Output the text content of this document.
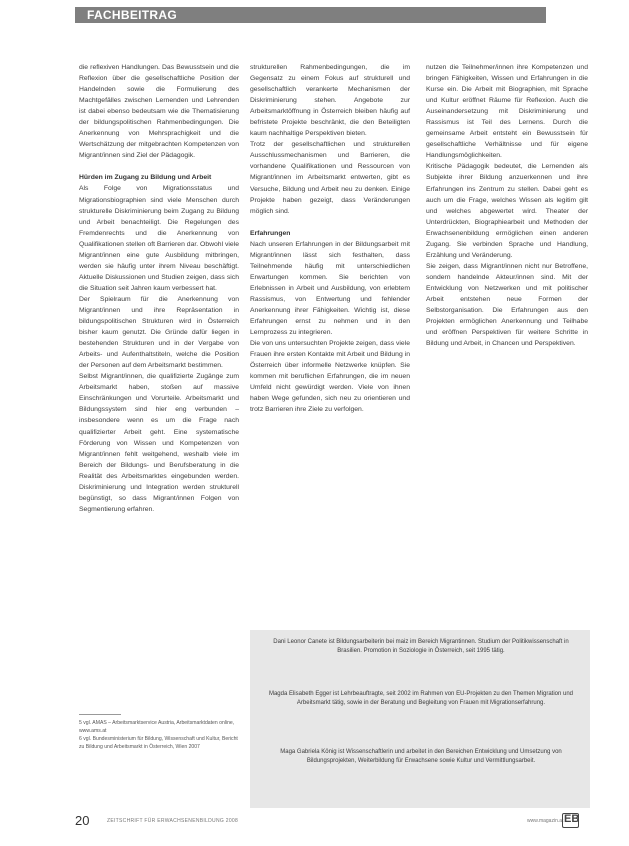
FACHBEITRAG

die reflexiven Handlungen. Das Bewusstsein und die Reflexion über die gesellschaftliche Position der Handelnden sowie die Formulierung des Machtgefälles zwischen Lernenden und Lehrenden ist dabei ebenso bedeutsam wie die Thematisierung der bildungspolitischen Rahmenbedingungen. Die Anerkennung von Mehrsprachigkeit und die Wertschätzung der mitgebrachten Kompetenzen von Migrant/innen sind Ziel der Pädagogik.

Hürden im Zugang zu Bildung und Arbeit

Als Folge von Migrationsstatus und Migrationsbiographien sind viele Menschen durch strukturelle Diskriminierung beim Zugang zu Bildung und Arbeit benachteiligt. Die Regelungen des Fremdenrechts und die Anerkennung von Qualifikationen stellen oft Barrieren dar. Obwohl viele Migrant/innen eine gute Ausbildung mitbringen, werden sie häufig unter ihrem Niveau beschäftigt. Aktuelle Diskussionen und Studien zeigen, dass sich die Situation seit Jahren kaum verbessert hat.

Der Spielraum für die Anerkennung von Migrant/innen und ihre Repräsentation in bildungspolitischen Strukturen wird in Österreich bisher kaum genutzt. Die Gründe dafür liegen in bestehenden Strukturen und in der Vergabe von Arbeits- und Aufenthaltstiteln, welche die Position der Personen auf dem Arbeitsmarkt bestimmen.

Selbst Migrant/innen, die qualifizierte Zugänge zum Arbeitsmarkt haben, stoßen auf massive Einschränkungen und Vorurteile. Arbeitsmarkt und Bildungssystem sind hier eng verbunden – insbesondere wenn es um die Frage nach qualifizierter Arbeit geht. Eine systematische Förderung von Wissen und Kompetenzen von Migrant/innen fehlt weitgehend, weshalb viele im Bereich der Bildungs- und Berufsberatung in die Realität des Arbeitsmarktes eingebunden werden. Diskriminierung und Integration werden strukturell begünstigt, so dass Migrant/innen Folgen von Segmentierung erfahren.

5 vgl. AMAS – Arbeitsmarktservice Austria, Arbeitsmarktdaten online, www.ams.at
6 vgl. Bundesministerium für Bildung, Wissenschaft und Kultur, Bericht zu Bildung und Arbeitsmarkt in Österreich, Wien 2007

strukturellen Rahmenbedingungen, die im Gegensatz zu einem Fokus auf strukturell und gesellschaftlich verankerte Mechanismen der Diskriminierung stehen. Angebote zur Arbeitsmarktöffnung in Österreich bleiben häufig auf befristete Projekte beschränkt, die den Beteiligten kaum nachhaltige Perspektiven bieten.

Trotz der gesellschaftlichen und strukturellen Ausschlussmechanismen und Barrieren, die vorhandene Qualifikationen und Ressourcen von Migrant/innen im Arbeitsmarkt entwerten, gibt es Versuche, Bildung und Arbeit neu zu denken. Einige Projekte haben gezeigt, dass Veränderungen möglich sind.

Erfahrungen

Nach unseren Erfahrungen in der Bildungsarbeit mit Migrant/innen lässt sich festhalten, dass Teilnehmende häufig mit unterschiedlichen Erwartungen kommen. Sie berichten von Erlebnissen in Arbeit und Ausbildung, von erlebtem Rassismus, von Entwertung und fehlender Anerkennung ihrer Fähigkeiten. Wichtig ist, diese Erfahrungen ernst zu nehmen und in den Lernprozess zu integrieren.

Die von uns untersuchten Projekte zeigen, dass viele Frauen ihre ersten Kontakte mit Arbeit und Bildung in Österreich über informelle Netzwerke knüpfen. Sie kommen mit beruflichen Erfahrungen, die im neuen Umfeld nicht gewürdigt werden. Viele von ihnen haben Wege gefunden, sich neu zu orientieren und trotz Barrieren ihre Ziele zu verfolgen.

nutzen die Teilnehmer/innen ihre Kompetenzen und bringen Fähigkeiten, Wissen und Erfahrungen in die Kurse ein. Die Arbeit mit Biographien, mit Sprache und Kultur eröffnet Räume für Reflexion. Auch die Auseinandersetzung mit Diskriminierung und Rassismus ist Teil des Lernens. Durch die gemeinsame Arbeit entsteht ein Bewusstsein für gesellschaftliche Verhältnisse und für eigene Handlungsmöglichkeiten.

Kritische Pädagogik bedeutet, die Lernenden als Subjekte ihrer Bildung anzuerkennen und ihre Erfahrungen ins Zentrum zu stellen. Dabei geht es auch um die Frage, welches Wissen als legitim gilt und welches abgewertet wird. Theater der Unterdrückten, Biographiearbeit und Methoden der Erwachsenenbildung ermöglichen einen anderen Zugang. Sie verbinden Sprache und Handlung, Erzählung und Veränderung.

Sie zeigen, dass Migrant/innen nicht nur Betroffene, sondern handelnde Akteur/innen sind. Mit der Entwicklung von Netzwerken und mit politischer Arbeit entstehen neue Formen der Selbstorganisation. Die Erfahrungen aus den Projekten ermöglichen Anerkennung und Teilhabe und eröffnen Perspektiven für weitere Schritte in Bildung und Arbeit, in Chancen und Perspektiven.

Dani Leonor Canete ist Bildungsarbeiterin bei maiz im Bereich Migrantinnen. Studium der Politikwissenschaft in Brasilien. Promotion in Soziologie in Österreich, seit 1995 tätig.
Magda Elisabeth Egger ist Lehrbeauftragte, seit 2002 im Rahmen von EU-Projekten zu den Themen Migration und Arbeitsmarkt tätig, sowie in der Beratung und Begleitung von Frauen mit Migrationserfahrung.
Maga Gabriela König ist Wissenschaftlerin und arbeitet in den Bereichen Entwicklung und Umsetzung von Bildungsprojekten, Weiterbildung für Erwachsene sowie Kultur und Vermittlungsarbeit.
20	ZEITSCHRIFT FÜR ERWACHSENENBILDUNG 2008	www.magazin.at EB
